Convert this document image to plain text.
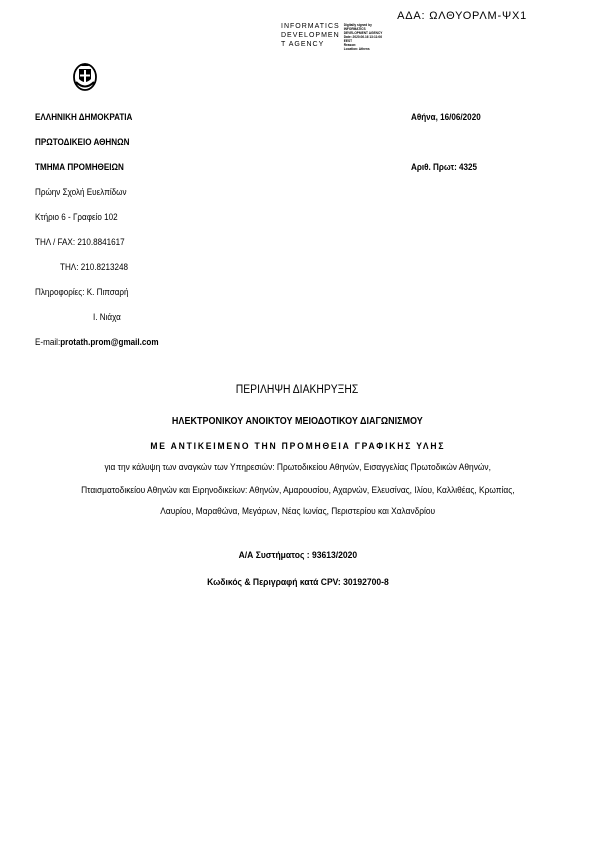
ΑΔΑ: ΩΛΘΥΟΡΛΜ-ΨΧ1
INFORMATICS
DEVELOPMEN
T AGENCY
Digitally signed by
INFORMATICS
DEVELOPMENT AGENCY
Date: 2020.06.16 13:11:06
EEST
Reason:
Location: Athens
ΕΛΛΗΝΙΚΗ ΔΗΜΟΚΡΑΤΙΑ
ΠΡΩΤΟΔΙΚΕΙΟ ΑΘΗΝΩΝ
ΤΜΗΜΑ ΠΡΟΜΗΘΕΙΩΝ
Πρώην Σχολή Ευελπίδων
Κτήριο 6 - Γραφείο 102
ΤΗΛ / FAX: 210.8841617
ΤΗΛ: 210.8213248
Πληροφορίες: Κ. Πιπσαρή
Ι. Νιάχα
E-mail:protath.prom@gmail.com
Αθήνα, 16/06/2020
Αριθ. Πρωτ: 4325
ΠΕΡΙΛΗΨΗ ΔΙΑΚΗΡΥΞΗΣ
ΗΛΕΚΤΡΟΝΙΚΟΥ ΑΝΟΙΚΤΟΥ ΜΕΙΟΔΟΤΙΚΟΥ ΔΙΑΓΩΝΙΣΜΟΥ
ΜΕ ΑΝΤΙΚΕΙΜΕΝΟ ΤΗΝ ΠΡΟΜΗΘΕΙΑ ΓΡΑΦΙΚΗΣ ΥΛΗΣ
για την κάλυψη των αναγκών των Υπηρεσιών: Πρωτοδικείου Αθηνών, Εισαγγελίας Πρωτοδικών Αθηνών,
Πταισματοδικείου Αθηνών και Ειρηνοδικείων: Αθηνών, Αμαρουσίου, Αχαρνών, Ελευσίνας, Ιλίου, Καλλιθέας, Κρωπίας,
Λαυρίου, Μαραθώνα, Μεγάρων, Νέας Ιωνίας, Περιστερίου και Χαλανδρίου
Α/Α Συστήματος : 93613/2020
Κωδικός & Περιγραφή κατά CPV: 30192700-8
